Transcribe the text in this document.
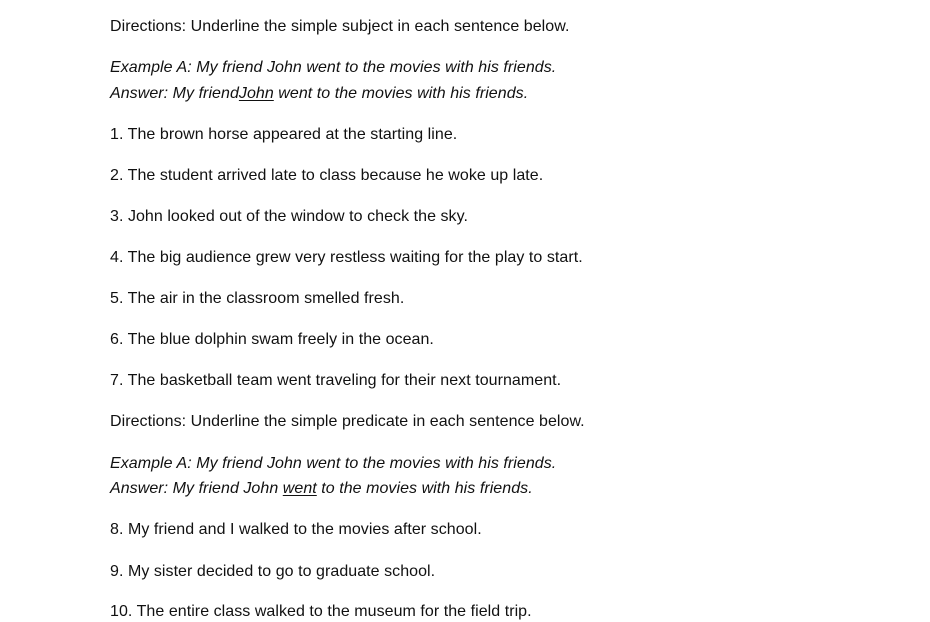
Directions: Underline the simple subject in each sentence below.
Example A: My friend John went to the movies with his friends.
Answer: My friendJohn went to the movies with his friends.
1. The brown horse appeared at the starting line.
2. The student arrived late to class because he woke up late.
3. John looked out of the window to check the sky.
4. The big audience grew very restless waiting for the play to start.
5. The air in the classroom smelled fresh.
6. The blue dolphin swam freely in the ocean.
7. The basketball team went traveling for their next tournament.
Directions: Underline the simple predicate in each sentence below.
Example A: My friend John went to the movies with his friends.
Answer: My friend John went to the movies with his friends.
8. My friend and I walked to the movies after school.
9. My sister decided to go to graduate school.
10. The entire class walked to the museum for the field trip.
